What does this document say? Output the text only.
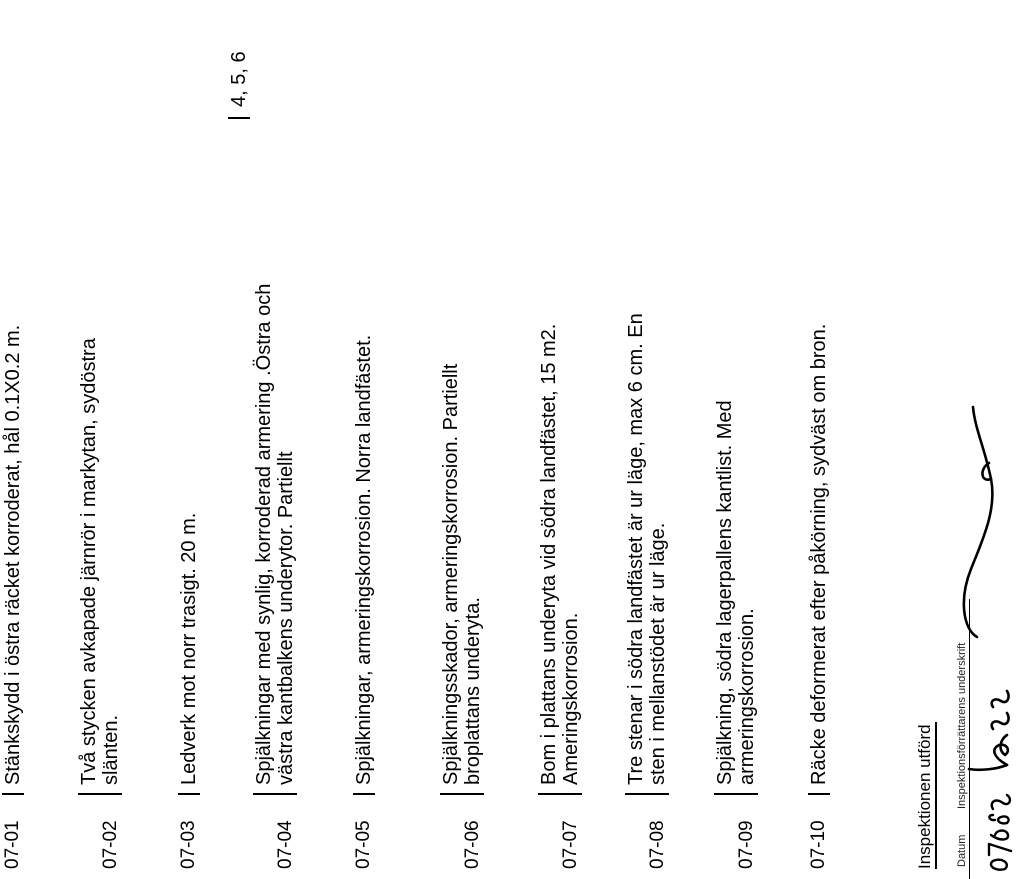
07-01
Stänkskydd i östra räcket korroderat, hål 0.1X0.2 m.
07-02
Två stycken avkapade järnrör i markytan, sydöstra slänten.
07-03
Ledverk mot norr trasigt. 20 m.
07-04
Spjälkningar med synlig, korroderad armering .Östra och västra kantbalkens underytor. Partiellt
4, 5, 6
07-05
Spjälkningar, armeringskorrosion. Norra landfästet.
07-06
Spjälkningsskador, armeringskorrosion. Partiellt broplattans underyta.
07-07
Bom i plattans underyta vid södra landfästet, 15 m2. Ameringskorrosion.
07-08
Tre stenar i södra landfästet är ur läge, max 6 cm. En sten i mellanstödet är ur läge.
07-09
Spjälkning, södra lagerpallens kantlist. Med armeringskorrosion.
07-10
Räcke deformerat efter påkörning, sydväst om bron.
Inspektionen utförd Datum
Inspektionsförrättarens underskrift
